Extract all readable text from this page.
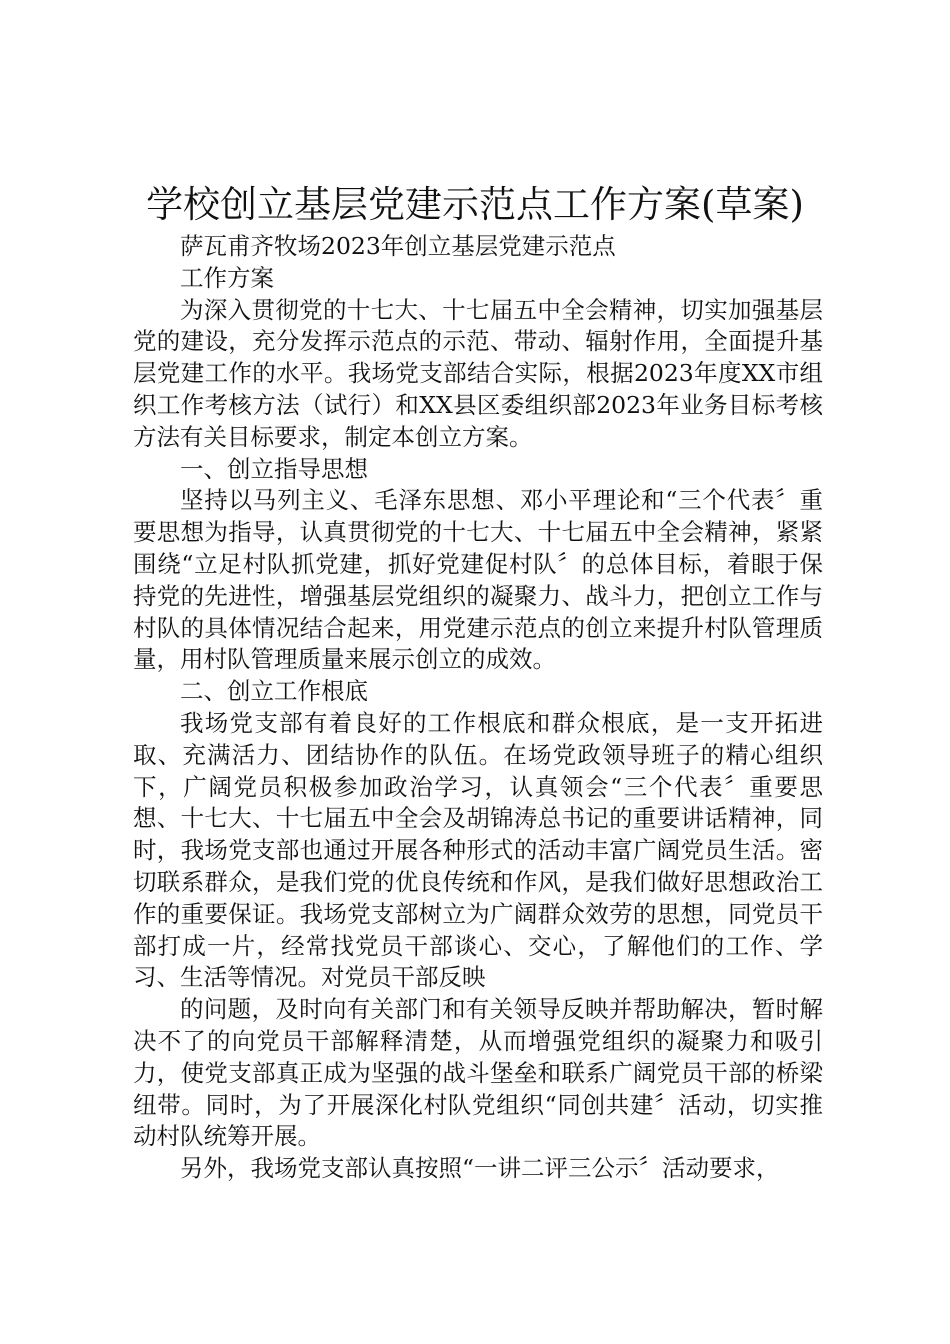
学校创立基层党建示范点工作方案(草案)

萨瓦甫齐牧场2023年创立基层党建示范点

工作方案

为深入贯彻党的十七大、十七届五中全会精神，切实加强基层党的建设，充分发挥示范点的示范、带动、辐射作用，全面提升基层党建工作的水平。我场党支部结合实际，根据2023年度XX市组织工作考核方法（试行）和XX县区委组织部2023年业务目标考核方法有关目标要求，制定本创立方案。

一、创立指导思想

坚持以马列主义、毛泽东思想、邓小平理论和“三个代表〞重要思想为指导，认真贯彻党的十七大、十七届五中全会精神，紧紧围绕“立足村队抓党建，抓好党建促村队〞的总体目标，着眼于保持党的先进性，增强基层党组织的凝聚力、战斗力，把创立工作与村队的具体情况结合起来，用党建示范点的创立来提升村队管理质量，用村队管理质量来展示创立的成效。

二、创立工作根底

我场党支部有着良好的工作根底和群众根底，是一支开拓进取、充满活力、团结协作的队伍。在场党政领导班子的精心组织下，广阔党员积极参加政治学习，认真领会“三个代表〞重要思想、十七大、十七届五中全会及胡锦涛总书记的重要讲话精神，同时，我场党支部也通过开展各种形式的活动丰富广阔党员生活。密切联系群众，是我们党的优良传统和作风，是我们做好思想政治工作的重要保证。我场党支部树立为广阔群众效劳的思想，同党员干部打成一片，经常找党员干部谈心、交心，了解他们的工作、学习、生活等情况。对党员干部反映

的问题，及时向有关部门和有关领导反映并帮助解决，暂时解决不了的向党员干部解释清楚，从而增强党组织的凝聚力和吸引力，使党支部真正成为坚强的战斗堡垒和联系广阔党员干部的桥梁纽带。同时，为了开展深化村队党组织“同创共建〞活动，切实推动村队统筹开展。

另外，我场党支部认真按照“一讲二评三公示〞活动要求，
